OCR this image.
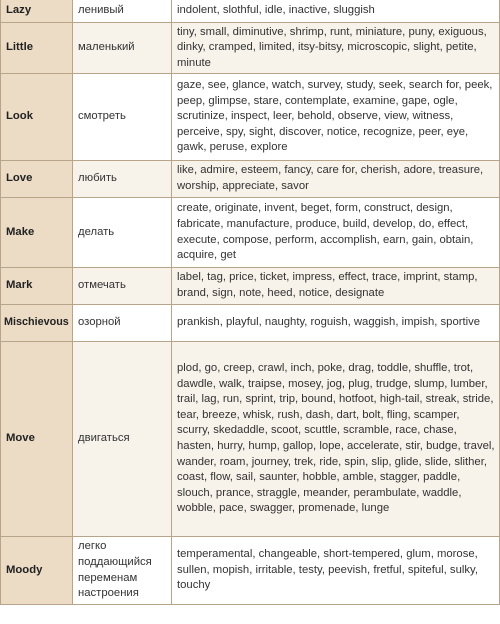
Lazy	ленивый	indolent, slothful, idle, inactive, sluggish
Little	маленький	tiny, small, diminutive, shrimp, runt, miniature, puny, exiguous, dinky, cramped, limited, itsy-bitsy, microscopic, slight, petite, minute
Look	смотреть	gaze, see, glance, watch, survey, study, seek, search for, peek, peep, glimpse, stare, contemplate, examine, gape, ogle, scrutinize, inspect, leer, behold, observe, view, witness, perceive, spy, sight, discover, notice, recognize, peer, eye, gawk, peruse, explore
Love	любить	like, admire, esteem, fancy, care for, cherish, adore, treasure, worship, appreciate, savor
Make	делать	create, originate, invent, beget, form, construct, design, fabricate, manufacture, produce, build, develop, do, effect, execute, compose, perform, accomplish, earn, gain, obtain, acquire, get
Mark	отмечать	label, tag, price, ticket, impress, effect, trace, imprint, stamp, brand, sign, note, heed, notice, designate
Mischievous	озорной	prankish, playful, naughty, roguish, waggish, impish, sportive
Move	двигаться	plod, go, creep, crawl, inch, poke, drag, toddle, shuffle, trot, dawdle, walk, traipse, mosey, jog, plug, trudge, slump, lumber, trail, lag, run, sprint, trip, bound, hotfoot, high-tail, streak, stride, tear, breeze, whisk, rush, dash, dart, bolt, fling, scamper, scurry, skedaddle, scoot, scuttle, scramble, race, chase, hasten, hurry, hump, gallop, lope, accelerate, stir, budge, travel, wander, roam, journey, trek, ride, spin, slip, glide, slide, slither, coast, flow, sail, saunter, hobble, amble, stagger, paddle, slouch, prance, straggle, meander, perambulate, waddle, wobble, pace, swagger, promenade, lunge
Moody	легко поддающийся переменам настроения	temperamental, changeable, short-tempered, glum, morose, sullen, mopish, irritable, testy, peevish, fretful, spiteful, sulky, touchy
